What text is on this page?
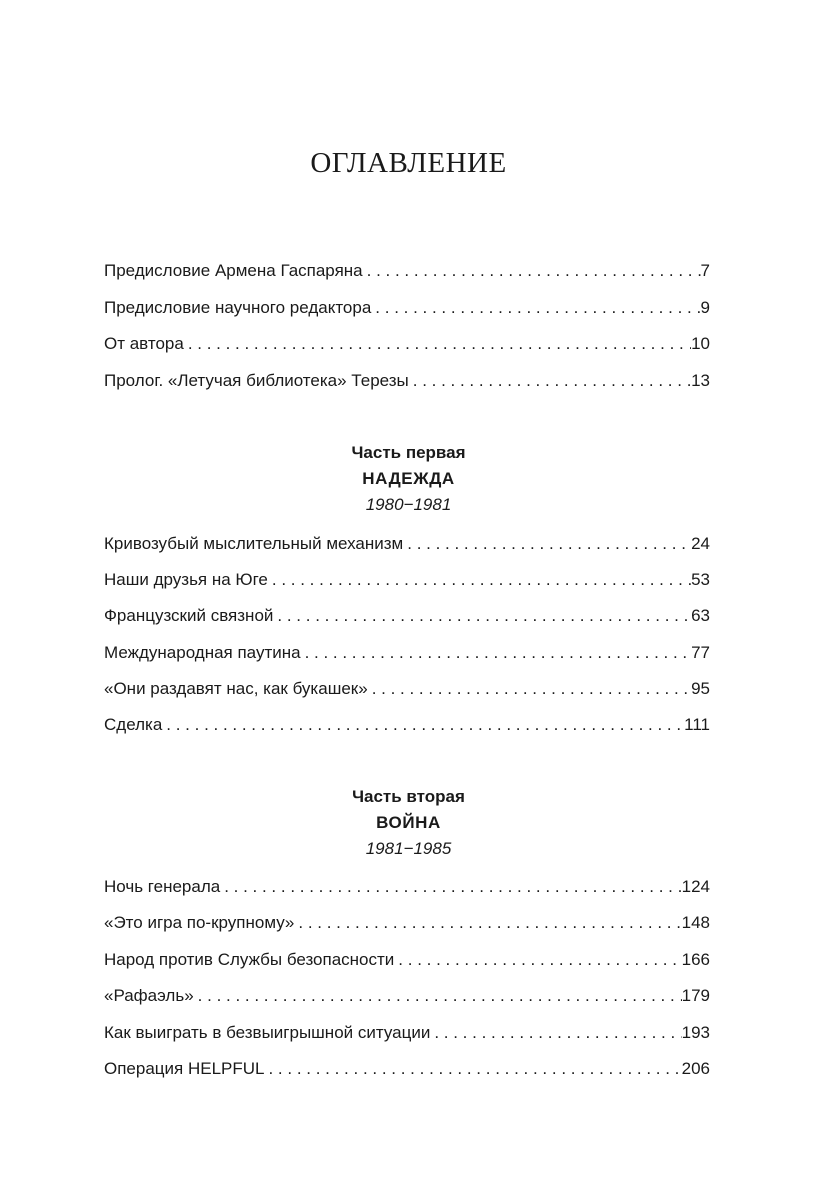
ОГЛАВЛЕНИЕ
Предисловие Армена Гаспаряна . . .	7
Предисловие научного редактора . . .	9
От автора . . .	10
Пролог. «Летучая библиотека» Терезы . . .	13
Часть первая
НАДЕЖДА
1980−1981
Кривозубый мыслительный механизм . . .	24
Наши друзья на Юге . . .	53
Французский связной . . .	63
Международная паутина . . .	77
«Они раздавят нас, как букашек» . . .	95
Сделка . . .	111
Часть вторая
ВОЙНА
1981−1985
Ночь генерала . . .	124
«Это игра по-крупному» . . .	148
Народ против Службы безопасности . . .	166
«Рафаэль» . . .	179
Как выиграть в безвыигрышной ситуации . . .	193
Операция HELPFUL . . .	206
